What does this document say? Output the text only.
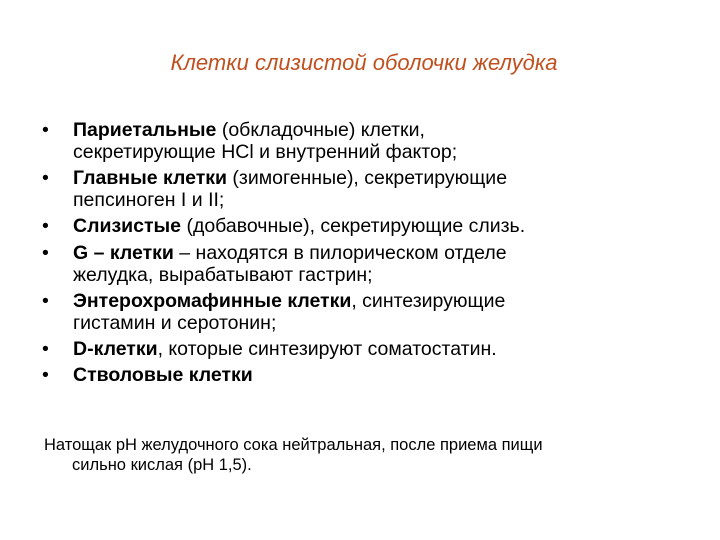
Клетки слизистой оболочки желудка
• Париетальные (обкладочные) клетки,
секретирующие HCl и внутренний фактор;
• Главные клетки (зимогенные), секретирующие
пепсиноген I и II;
• Слизистые (добавочные), секретирующие слизь.
• G – клетки – находятся в пилорическом отделе
желудка, вырабатывают гастрин;
• Энтерохромафинные клетки, синтезирующие
гистамин и серотонин;
• D-клетки, которые синтезируют соматостатин.
• Стволовые клетки
Натощак pH желудочного сока нейтральная, после приема пищи
сильно кислая (pH 1,5).
